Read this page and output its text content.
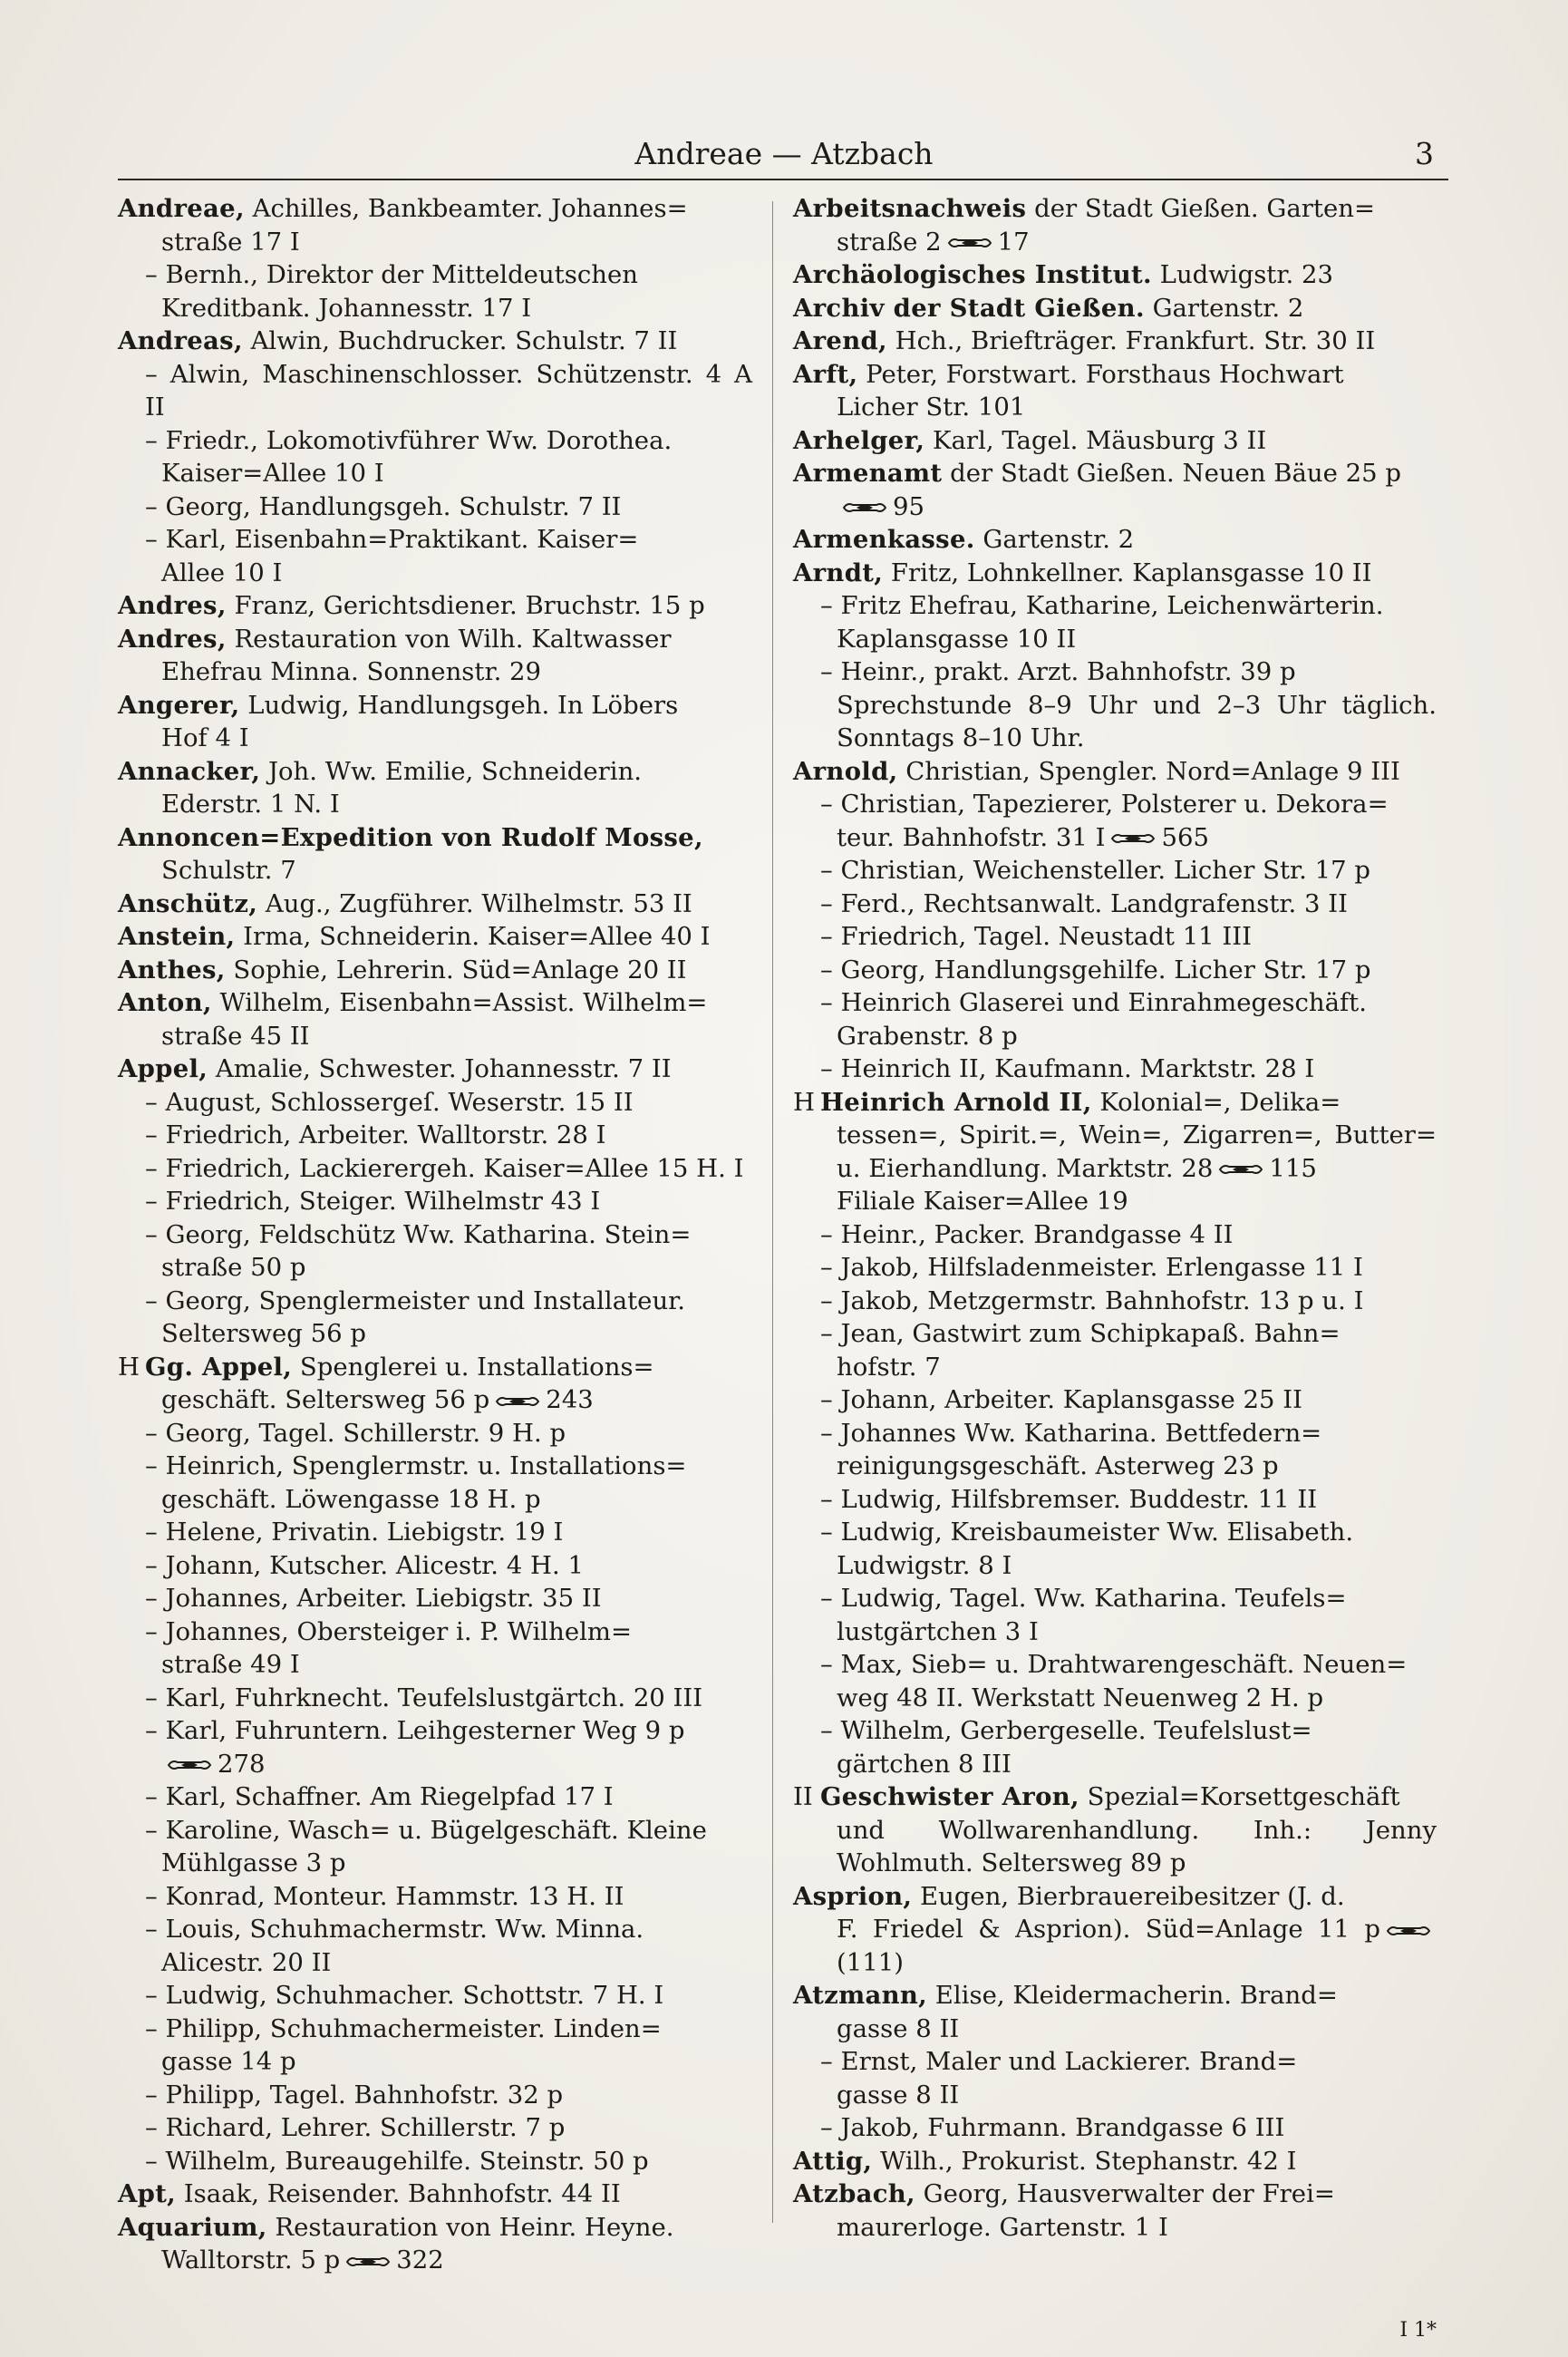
Andreae — Atzbach	3

Andreae, Achilles, Bankbeamter. Johannes=
straße 17 I

– Bernh., Direktor der Mitteldeutschen
Kreditbank. Johannesstr. 17 I

Andreas, Alwin, Buchdrucker. Schulstr. 7 II

– Alwin, Maschinenschlosser. Schützenstr. 4 A II

– Friedr., Lokomotivführer Ww. Dorothea.
Kaiser=Allee 10 I

– Georg, Handlungsgeh. Schulstr. 7 II

– Karl, Eisenbahn=Praktikant. Kaiser=
Allee 10 I

Andres, Franz, Gerichtsdiener. Bruchstr. 15 p

Andres, Restauration von Wilh. Kaltwasser
Ehefrau Minna. Sonnenstr. 29

Angerer, Ludwig, Handlungsgeh. In Löbers
Hof 4 I

Annacker, Joh. Ww. Emilie, Schneiderin.
Ederstr. 1 N. I

Annoncen=Expedition von Rudolf Mosse,
Schulstr. 7

Anschütz, Aug., Zugführer. Wilhelmstr. 53 II

Anstein, Irma, Schneiderin. Kaiser=Allee 40 I

Anthes, Sophie, Lehrerin. Süd=Anlage 20 II

Anton, Wilhelm, Eisenbahn=Assist. Wilhelm=
straße 45 II

Appel, Amalie, Schwester. Johannesstr. 7 II

– August, Schlossergeſ. Weserstr. 15 II

– Friedrich, Arbeiter. Walltorstr. 28 I

– Friedrich, Lackierergeh. Kaiser=Allee 15 H. I

– Friedrich, Steiger. Wilhelmstr 43 I

– Georg, Feldschütz Ww. Katharina. Stein=
straße 50 p

– Georg, Spenglermeister und Installateur.
Seltersweg 56 p

H Gg. Appel, Spenglerei u. Installations=
geschäft. Seltersweg 56 p 243

– Georg, Tagel. Schillerstr. 9 H. p

– Heinrich, Spenglermstr. u. Installations=
geschäft. Löwengasse 18 H. p

– Helene, Privatin. Liebigstr. 19 I

– Johann, Kutscher. Alicestr. 4 H. 1

– Johannes, Arbeiter. Liebigstr. 35 II

– Johannes, Obersteiger i. P. Wilhelm=
straße 49 I

– Karl, Fuhrknecht. Teufelslustgärtch. 20 III

– Karl, Fuhruntern. Leihgesterner Weg 9 p
278

– Karl, Schaffner. Am Riegelpfad 17 I

– Karoline, Wasch= u. Bügelgeschäft. Kleine
Mühlgasse 3 p

– Konrad, Monteur. Hammstr. 13 H. II

– Louis, Schuhmachermstr. Ww. Minna.
Alicestr. 20 II

– Ludwig, Schuhmacher. Schottstr. 7 H. I

– Philipp, Schuhmachermeister. Linden=
gasse 14 p

– Philipp, Tagel. Bahnhofstr. 32 p

– Richard, Lehrer. Schillerstr. 7 p

– Wilhelm, Bureaugehilfe. Steinstr. 50 p

Apt, Isaak, Reisender. Bahnhofstr. 44 II

Aquarium, Restauration von Heinr. Heyne.
Walltorstr. 5 p 322

Arbeitsnachweis der Stadt Gießen. Garten=
straße 2 17

Archäologisches Institut. Ludwigstr. 23

Archiv der Stadt Gießen. Gartenstr. 2

Arend, Hch., Briefträger. Frankfurt. Str. 30 II

Arft, Peter, Forstwart. Forsthaus Hochwart
Licher Str. 101

Arhelger, Karl, Tagel. Mäusburg 3 II

Armenamt der Stadt Gießen. Neuen Bäue 25 p
95

Armenkasse. Gartenstr. 2

Arndt, Fritz, Lohnkellner. Kaplansgasse 10 II

– Fritz Ehefrau, Katharine, Leichenwärterin.
Kaplansgasse 10 II

– Heinr., prakt. Arzt. Bahnhofstr. 39 p
Sprechstunde 8–9 Uhr und 2–3 Uhr täglich. Sonntags 8–10 Uhr.

Arnold, Christian, Spengler. Nord=Anlage 9 III

– Christian, Tapezierer, Polsterer u. Dekora=
teur. Bahnhofstr. 31 I 565

– Christian, Weichensteller. Licher Str. 17 p

– Ferd., Rechtsanwalt. Landgrafenstr. 3 II

– Friedrich, Tagel. Neustadt 11 III

– Georg, Handlungsgehilfe. Licher Str. 17 p

– Heinrich Glaserei und Einrahmegeschäft.
Grabenstr. 8 p

– Heinrich II, Kaufmann. Marktstr. 28 I

H Heinrich Arnold II, Kolonial=, Delika=
tessen=, Spirit.=, Wein=, Zigarren=, Butter= u. Eierhandlung. Marktstr. 28 115
Filiale Kaiser=Allee 19

– Heinr., Packer. Brandgasse 4 II

– Jakob, Hilfsladenmeister. Erlengasse 11 I

– Jakob, Metzgermstr. Bahnhofstr. 13 p u. I

– Jean, Gastwirt zum Schipkapaß. Bahn=
hofstr. 7

– Johann, Arbeiter. Kaplansgasse 25 II

– Johannes Ww. Katharina. Bettfedern=
reinigungsgeschäft. Asterweg 23 p

– Ludwig, Hilfsbremser. Buddestr. 11 II

– Ludwig, Kreisbaumeister Ww. Elisabeth.
Ludwigstr. 8 I

– Ludwig, Tagel. Ww. Katharina. Teufels=
lustgärtchen 3 I

– Max, Sieb= u. Drahtwarengeschäft. Neuen=
weg 48 II. Werkstatt Neuenweg 2 H. p

– Wilhelm, Gerbergeselle. Teufelslust=
gärtchen 8 III

II Geschwister Aron, Spezial=Korsettgeschäft
und Wollwarenhandlung. Inh.: Jenny Wohlmuth. Seltersweg 89 p

Asprion, Eugen, Bierbrauereibesitzer (J. d.
F. Friedel & Asprion). Süd=Anlage 11 p(111)

Atzmann, Elise, Kleidermacherin. Brand=
gasse 8 II

– Ernst, Maler und Lackierer. Brand=
gasse 8 II

– Jakob, Fuhrmann. Brandgasse 6 III

Attig, Wilh., Prokurist. Stephanstr. 42 I

Atzbach, Georg, Hausverwalter der Frei=
maurerloge. Gartenstr. 1 I

I 1*
